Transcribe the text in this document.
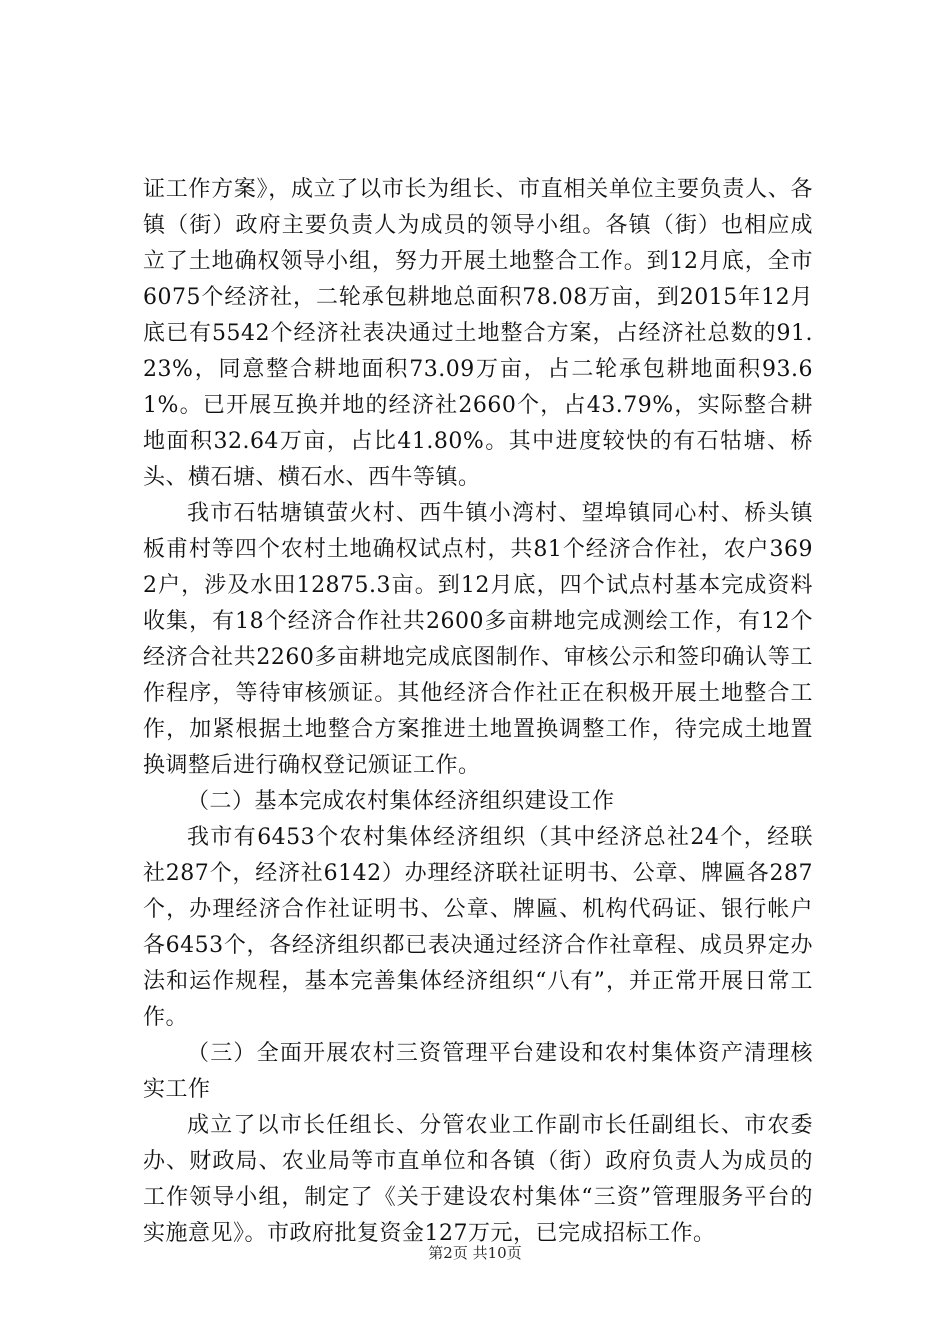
证工作方案》，成立了以市长为组长、市直相关单位主要负责人、各镇（街）政府主要负责人为成员的领导小组。各镇（街）也相应成立了土地确权领导小组，努力开展土地整合工作。到12月底，全市6075个经济社，二轮承包耕地总面积78.08万亩，到2015年12月底已有5542个经济社表决通过土地整合方案，占经济社总数的91.23%，同意整合耕地面积73.09万亩，占二轮承包耕地面积93.61%。已开展互换并地的经济社2660个，占43.79%，实际整合耕地面积32.64万亩，占比41.80%。其中进度较快的有石牯塘、桥头、横石塘、横石水、西牛等镇。

我市石牯塘镇萤火村、西牛镇小湾村、望埠镇同心村、桥头镇板甫村等四个农村土地确权试点村，共81个经济合作社，农户3692户，涉及水田12875.3亩。到12月底，四个试点村基本完成资料收集，有18个经济合作社共2600多亩耕地完成测绘工作，有12个经济合社共2260多亩耕地完成底图制作、审核公示和签印确认等工作程序，等待审核颁证。其他经济合作社正在积极开展土地整合工作，加紧根据土地整合方案推进土地置换调整工作，待完成土地置换调整后进行确权登记颁证工作。

（二）基本完成农村集体经济组织建设工作

我市有6453个农村集体经济组织（其中经济总社24个，经联社287个，经济社6142）办理经济联社证明书、公章、牌匾各287个，办理经济合作社证明书、公章、牌匾、机构代码证、银行帐户各6453个，各经济组织都已表决通过经济合作社章程、成员界定办法和运作规程，基本完善集体经济组织“八有”，并正常开展日常工作。

（三）全面开展农村三资管理平台建设和农村集体资产清理核实工作

成立了以市长任组长、分管农业工作副市长任副组长、市农委办、财政局、农业局等市直单位和各镇（街）政府负责人为成员的工作领导小组，制定了《关于建设农村集体“三资”管理服务平台的实施意见》。市政府批复资金127万元，已完成招标工作。

第2页 共10页
